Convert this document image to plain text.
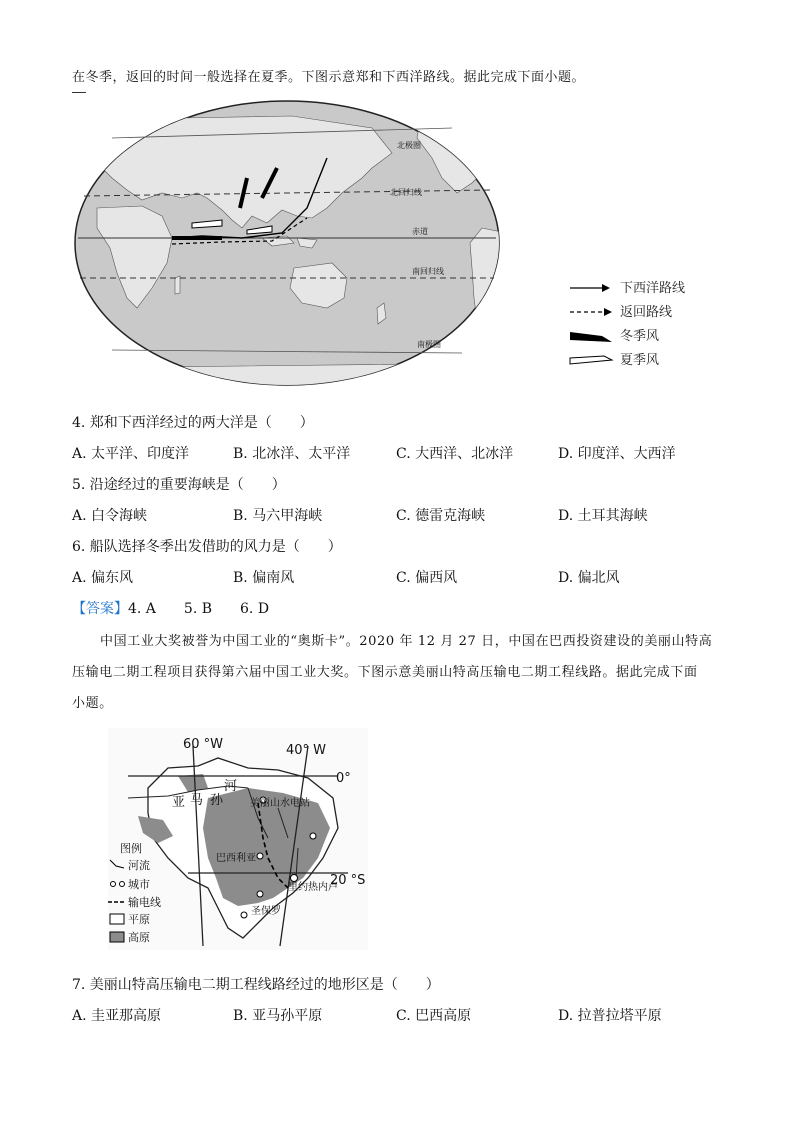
在冬季，返回的时间一般选择在夏季。下图示意郑和下西洋路线。据此完成下面小题。
北极圈
北回归线
赤道
南回归线
南极圈
下西洋路线
返回路线
冬季风
夏季风
4. 郑和下西洋经过的两大洋是（　　）
A. 太平洋、印度洋	B. 北冰洋、太平洋	C. 大西洋、北冰洋	D. 印度洋、大西洋
5. 沿途经过的重要海峡是（　　）
A. 白令海峡	B. 马六甲海峡	C. 德雷克海峡	D. 土耳其海峡
6. 船队选择冬季出发借助的风力是（　　）
A. 偏东风	B. 偏南风	C. 偏西风	D. 偏北风
【答案】4. A　　5. B　　6. D
中国工业大奖被誉为中国工业的“奥斯卡”。2020 年 12 月 27 日，中国在巴西投资建设的美丽山特高
压输电二期工程项目获得第六届中国工业大奖。下图示意美丽山特高压输电二期工程线路。据此完成下面
小题。
60 °W	40° W
0°
20 °S
亚 马 孙
河
美丽山水电站
巴西利亚
里约热内卢
圣保罗
图例
河流
城市
输电线
平原
高原
7. 美丽山特高压输电二期工程线路经过的地形区是（　　）
A. 圭亚那高原	B. 亚马孙平原	C. 巴西高原	D. 拉普拉塔平原
